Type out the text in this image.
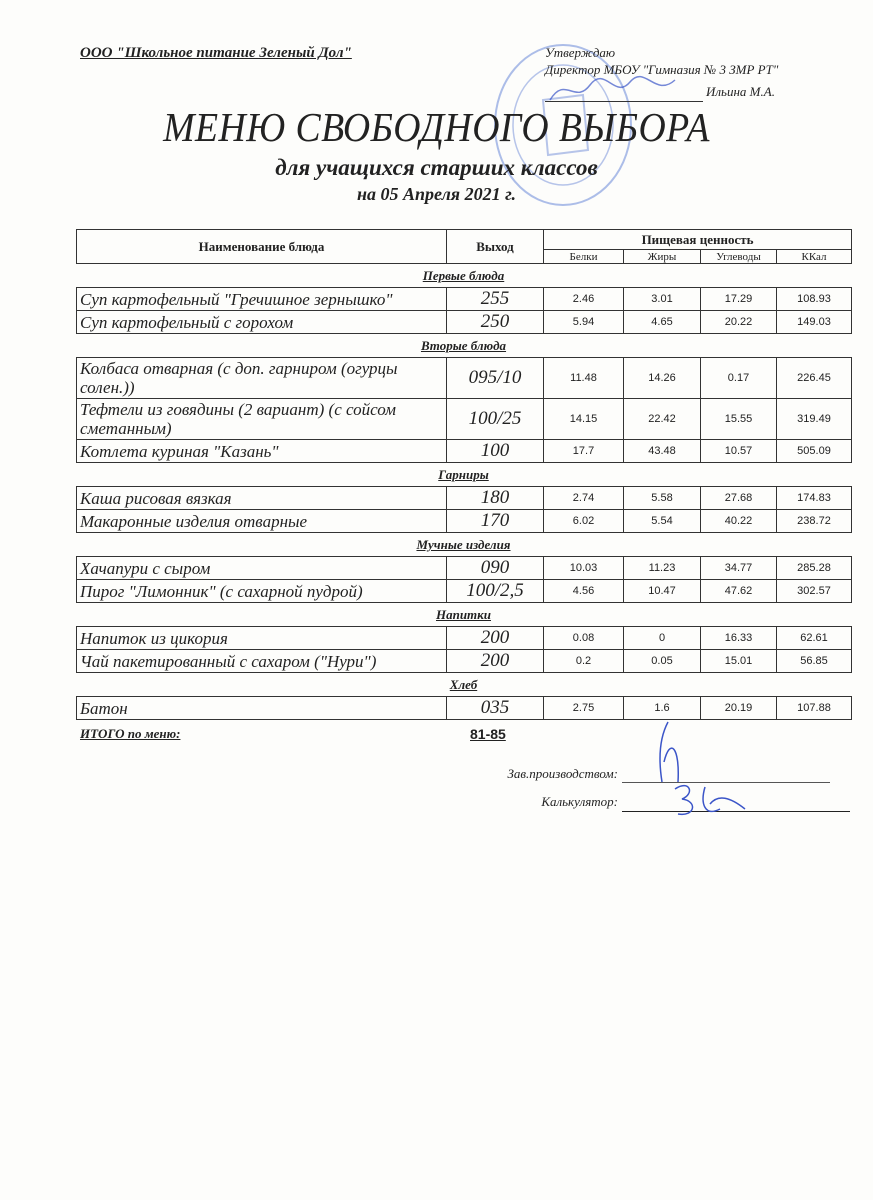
ООО "Школьное питание Зеленый Дол"	Утверждаю
Директор МБОУ "Гимназия № 3 ЗМР РТ"
Ильина М.А.
МЕНЮ СВОБОДНОГО ВЫБОРА
для учащихся старших классов
на 05 Апреля 2021 г.
Наименование блюда	Выход	Пищевая ценность			
		Белки	Жиры	Углеводы	ККал
Первые блюда
Суп картофельный "Гречишное зернышко"	255	2.46	3.01	17.29	108.93
Суп картофельный с горохом	250	5.94	4.65	20.22	149.03
Вторые блюда
Колбаса отварная (с доп. гарниром (огурцы солен.))	095/10	11.48	14.26	0.17	226.45
Тефтели из говядины (2 вариант) (с сойсом сметанным)	100/25	14.15	22.42	15.55	319.49
Котлета куриная "Казань"	100	17.7	43.48	10.57	505.09
Гарниры
Каша рисовая вязкая	180	2.74	5.58	27.68	174.83
Макаронные изделия отварные	170	6.02	5.54	40.22	238.72
Мучные изделия
Хачапури с сыром	090	10.03	11.23	34.77	285.28
Пирог "Лимонник" (с сахарной пудрой)	100/2,5	4.56	10.47	47.62	302.57
Напитки
Напиток из цикория	200	0.08	0	16.33	62.61
Чай пакетированный с сахаром ("Нури")	200	0.2	0.05	15.01	56.85
Хлеб
Батон	035	2.75	1.6	20.19	107.88
ИТОГО по меню:	81-85
Зав.производством:
Калькулятор:
